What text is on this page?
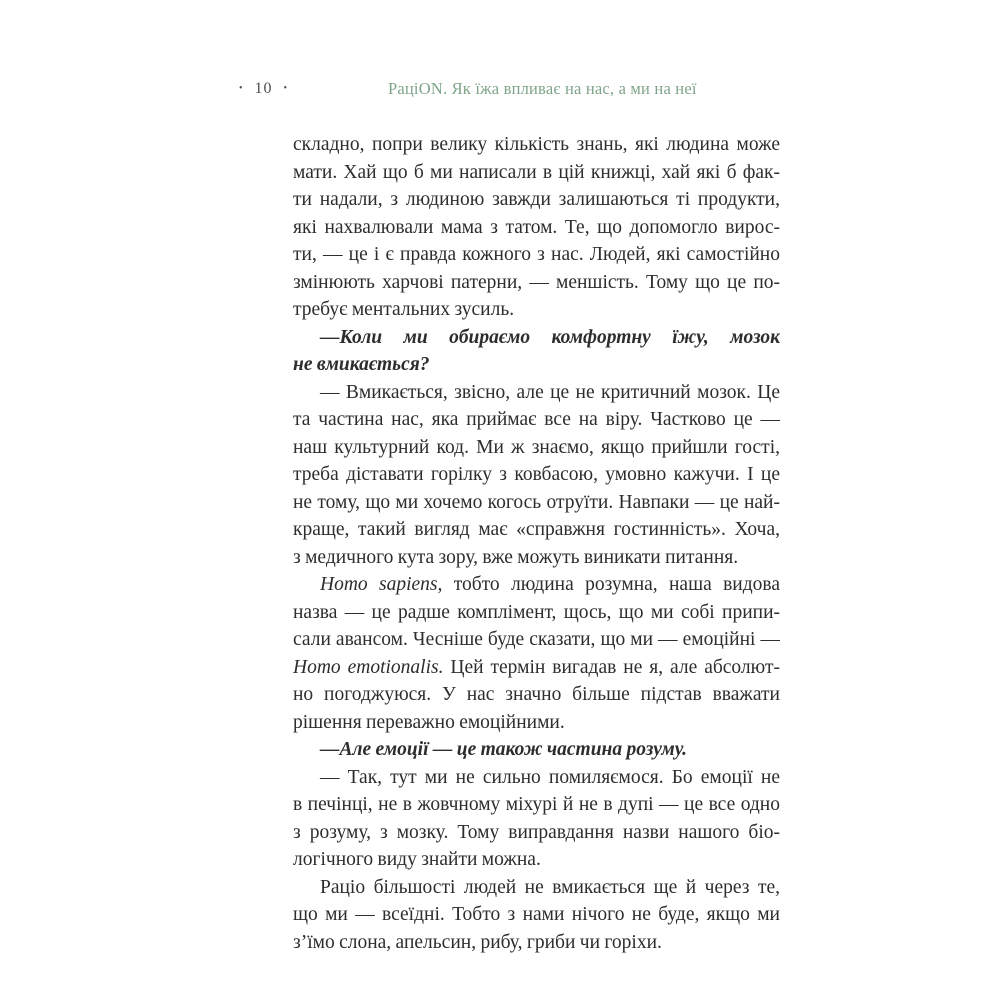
• 10 •	РаціON. Як їжа впливає на нас, а ми на неї
складно, попри велику кількість знань, які людина може
мати. Хай що б ми написали в цій книжці, хай які б фак-
ти надали, з людиною завжди залишаються ті продукти,
які нахвалювали мама з татом. Те, що допомогло вирос-
ти, — це і є правда кожного з нас. Людей, які самостійно
змінюють харчові патерни, — меншість. Тому що це по-
требує ментальних зусиль.
—Коли ми обираємо комфортну їжу, мозок
не вмикається?
— Вмикається, звісно, але це не критичний мозок. Це
та частина нас, яка приймає все на віру. Частково це —
наш культурний код. Ми ж знаємо, якщо прийшли гості,
треба діставати горілку з ковбасою, умовно кажучи. І це
не тому, що ми хочемо когось отруїти. Навпаки — це най-
краще, такий вигляд має «справжня гостинність». Хоча,
з медичного кута зору, вже можуть виникати питання.
Homo sapiens, тобто людина розумна, наша видова
назва — це радше комплімент, щось, що ми собі припи-
сали авансом. Чесніше буде сказати, що ми — емоційні —
Homo emotionalis. Цей термін вигадав не я, але абсолют-
но погоджуюся. У нас значно більше підстав вважати
рішення переважно емоційними.
—Але емоції — це також частина розуму.
— Так, тут ми не сильно помиляємося. Бо емоції не
в печінці, не в жовчному міхурі й не в дупі — це все одно
з розуму, з мозку. Тому виправдання назви нашого біо-
логічного виду знайти можна.
Раціо більшості людей не вмикається ще й через те,
що ми — всеїдні. Тобто з нами нічого не буде, якщо ми
з’їмо слона, апельсин, рибу, гриби чи горіхи.
